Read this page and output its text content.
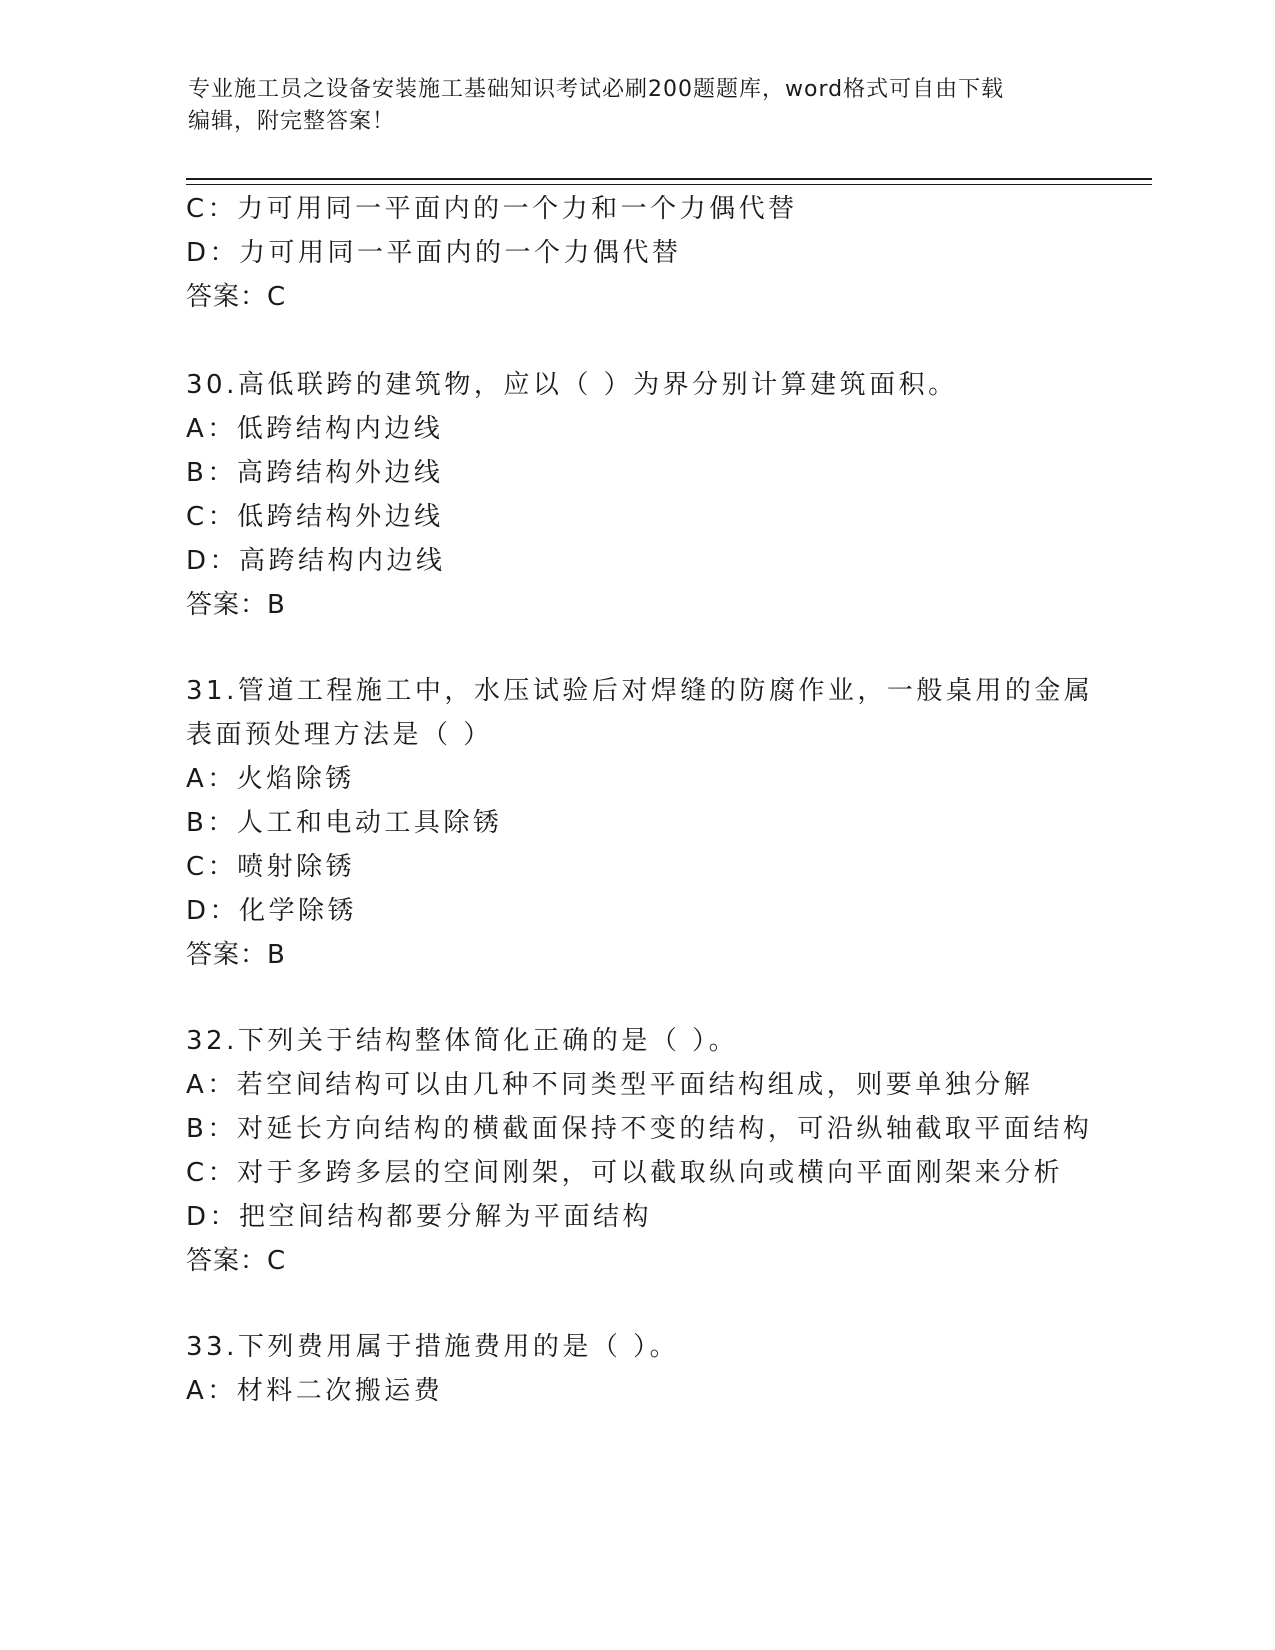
专业施工员之设备安装施工基础知识考试必刷200题题库，word格式可自由下载
编辑，附完整答案！
C：力可用同一平面内的一个力和一个力偶代替
D：力可用同一平面内的一个力偶代替
答案：C
30.高低联跨的建筑物，应以（ ）为界分别计算建筑面积。
A：低跨结构内边线
B：高跨结构外边线
C：低跨结构外边线
D：高跨结构内边线
答案：B
31.管道工程施工中，水压试验后对焊缝的防腐作业，一般桌用的金属
表面预处理方法是（ ）
A：火焰除锈
B：人工和电动工具除锈
C：喷射除锈
D：化学除锈
答案：B
32.下列关于结构整体简化正确的是（ ）。
A：若空间结构可以由几种不同类型平面结构组成，则要单独分解
B：对延长方向结构的横截面保持不变的结构，可沿纵轴截取平面结构
C：对于多跨多层的空间刚架，可以截取纵向或横向平面刚架来分析
D：把空间结构都要分解为平面结构
答案：C
33.下列费用属于措施费用的是（ ）。
A：材料二次搬运费
